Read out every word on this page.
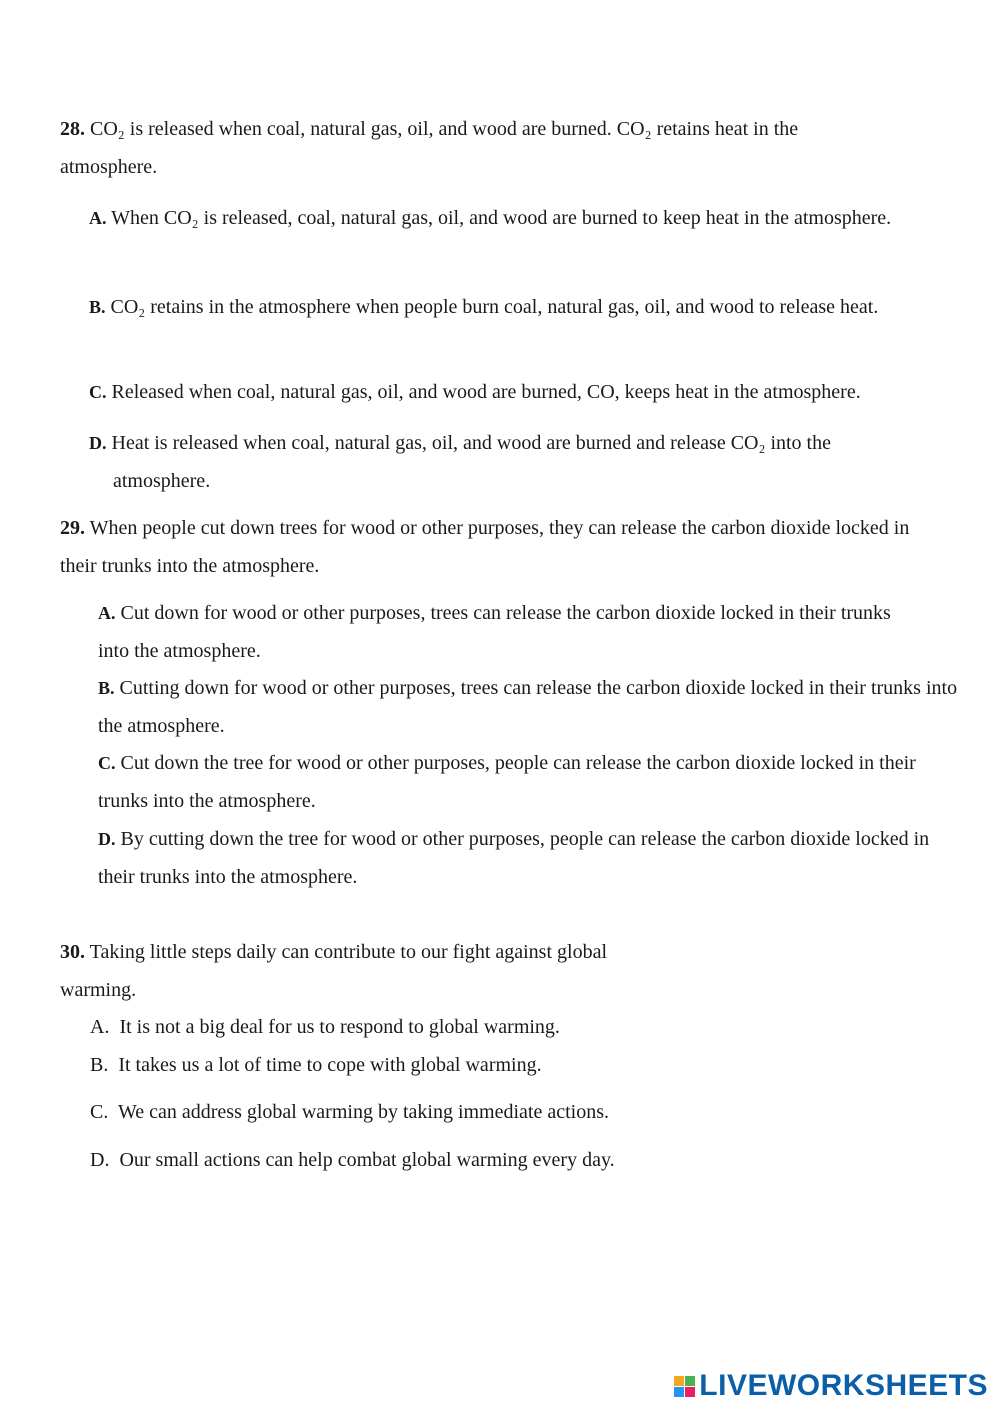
28. CO₂ is released when coal, natural gas, oil, and wood are burned. CO₂ retains heat in the atmosphere.
A. When CO₂ is released, coal, natural gas, oil, and wood are burned to keep heat in the atmosphere.
B. CO₂ retains in the atmosphere when people burn coal, natural gas, oil, and wood to release heat.
C. Released when coal, natural gas, oil, and wood are burned, CO, keeps heat in the atmosphere.
D. Heat is released when coal, natural gas, oil, and wood are burned and release CO₂ into the atmosphere.
29. When people cut down trees for wood or other purposes, they can release the carbon dioxide locked in their trunks into the atmosphere.
A. Cut down for wood or other purposes, trees can release the carbon dioxide locked in their trunks into the atmosphere.
B. Cutting down for wood or other purposes, trees can release the carbon dioxide locked in their trunks into the atmosphere.
C. Cut down the tree for wood or other purposes, people can release the carbon dioxide locked in their trunks into the atmosphere.
D. By cutting down the tree for wood or other purposes, people can release the carbon dioxide locked in their trunks into the atmosphere.
30. Taking little steps daily can contribute to our fight against global warming.
A. It is not a big deal for us to respond to global warming.
B. It takes us a lot of time to cope with global warming.
C. We can address global warming by taking immediate actions.
D. Our small actions can help combat global warming every day.
LIVEWORKSHEETS
